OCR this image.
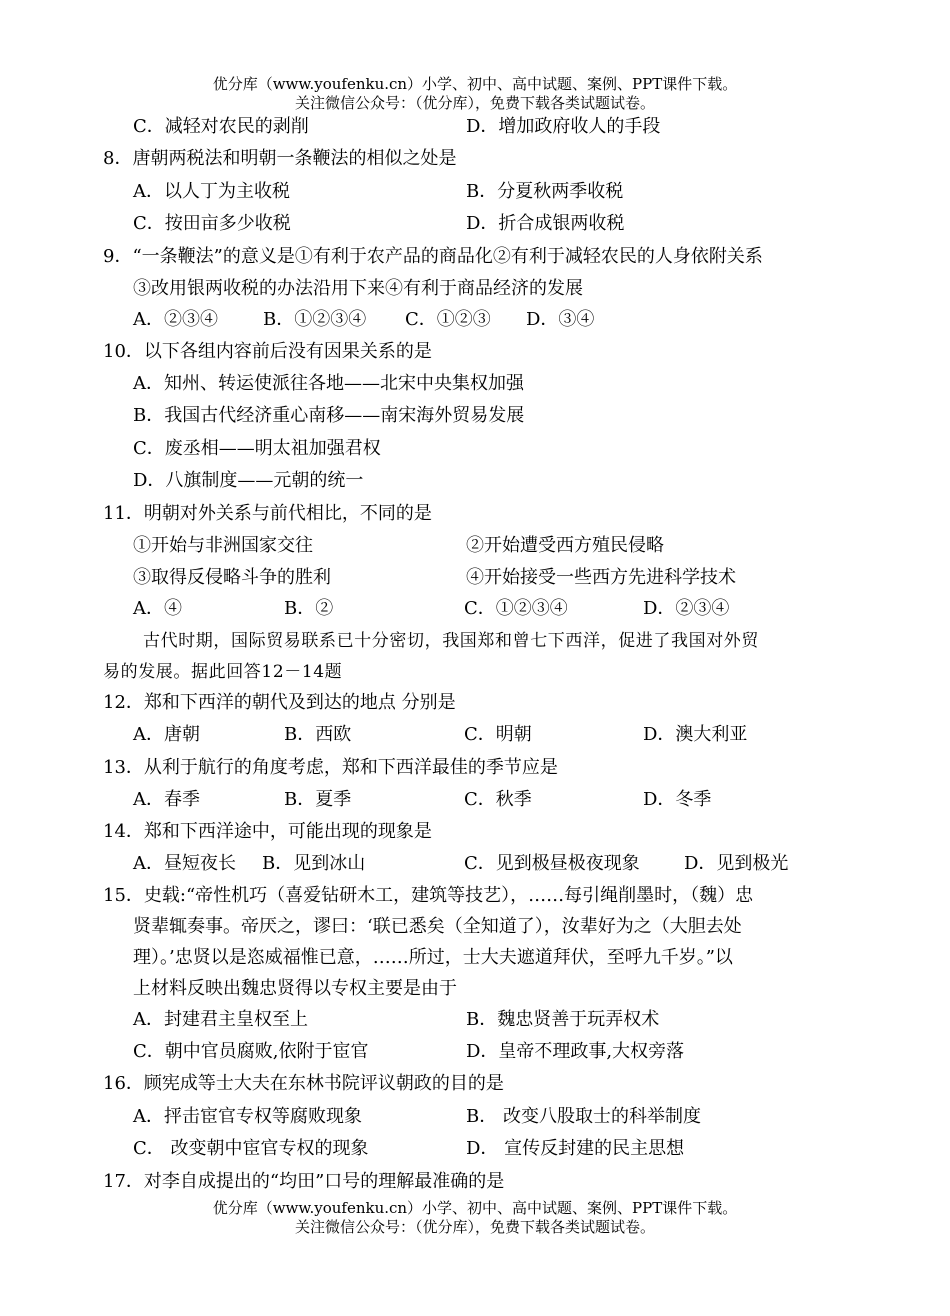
优分库（www.youfenku.cn）小学、初中、高中试题、案例、PPT课件下载。
关注微信公众号：（优分库），免费下载各类试题试卷。
C．减轻对农民的剥削	D．增加政府收人的手段
8．唐朝两税法和明朝一条鞭法的相似之处是
A．以人丁为主收税	B．分夏秋两季收税
C．按田亩多少收税	D．折合成银两收税
9．“一条鞭法”的意义是①有利于农产品的商品化②有利于减轻农民的人身依附关系
③改用银两收税的办法沿用下来④有利于商品经济的发展
A．②③④	B．①②③④ C．①②③ D．③④
10．以下各组内容前后没有因果关系的是
A．知州、转运使派往各地——北宋中央集权加强
B．我国古代经济重心南移——南宋海外贸易发展
C．废丞相——明太祖加强君权
D．八旗制度——元朝的统一
11．明朝对外关系与前代相比，不同的是
①开始与非洲国家交往	②开始遭受西方殖民侵略
③取得反侵略斗争的胜利	④开始接受一些西方先进科学技术
A．④	B．②	C．①②③④	D．②③④
古代时期，国际贸易联系已十分密切，我国郑和曾七下西洋，促进了我国对外贸
易的发展。据此回答12－14题
12．郑和下西洋的朝代及到达的地点 分别是
A．唐朝	B．西欧	C．明朝	D．澳大利亚
13．从利于航行的角度考虑，郑和下西洋最佳的季节应是
A．春季	B．夏季	C．秋季	D．冬季
14．郑和下西洋途中，可能出现的现象是
A．昼短夜长 B．见到冰山	C．见到极昼极夜现象 D．见到极光
15．史载:“帝性机巧（喜爱钻研木工，建筑等技艺），……每引绳削墨时，（魏）忠
贤辈辄奏事。帝厌之，谬曰：‘联已悉矣（全知道了），汝辈好为之（大胆去处
理）。’忠贤以是恣威福惟已意，……所过，士大夫遮道拜伏，至呼九千岁。”以
上材料反映出魏忠贤得以专权主要是由于
A．封建君主皇权至上	B．魏忠贤善于玩弄权术
C．朝中官员腐败,依附于宦官	D．皇帝不理政事,大权旁落
16．顾宪成等士大夫在东林书院评议朝政的目的是
A．抨击宦官专权等腐败现象	B． 改变八股取士的科举制度
C． 改变朝中宦官专权的现象	D． 宣传反封建的民主思想
17．对李自成提出的“均田”口号的理解最准确的是
优分库（www.youfenku.cn）小学、初中、高中试题、案例、PPT课件下载。
关注微信公众号：（优分库），免费下载各类试题试卷。
